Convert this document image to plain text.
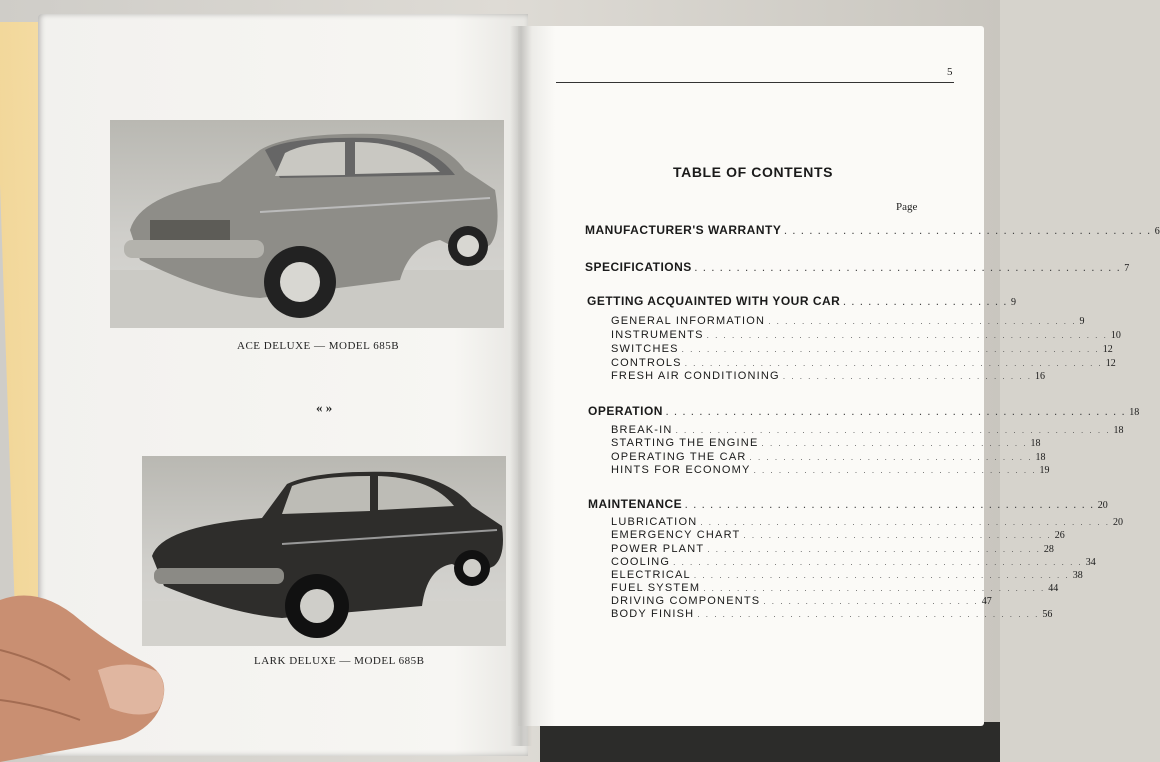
ACE DELUXE — MODEL 685B
« »
LARK DELUXE — MODEL 685B
5
TABLE OF CONTENTS
Page
MANUFACTURER'S WARRANTY . . . . . . . . . . . . . . . . . . . . . . . . . . . . . . . . . . . . . . . . . . . . 6
SPECIFICATIONS . . . . . . . . . . . . . . . . . . . . . . . . . . . . . . . . . . . . . . . . . . . . . . . . . . . 7
GETTING ACQUAINTED WITH YOUR CAR . . . . . . . . . . . . . . . . . . . . 9
GENERAL INFORMATION . . . . . . . . . . . . . . . . . . . . . . . . . . . . . . . . . . . . . 9
INSTRUMENTS . . . . . . . . . . . . . . . . . . . . . . . . . . . . . . . . . . . . . . . . . . . . . . . . 10
SWITCHES . . . . . . . . . . . . . . . . . . . . . . . . . . . . . . . . . . . . . . . . . . . . . . . . . . 12
CONTROLS . . . . . . . . . . . . . . . . . . . . . . . . . . . . . . . . . . . . . . . . . . . . . . . . . . 12
FRESH AIR CONDITIONING . . . . . . . . . . . . . . . . . . . . . . . . . . . . . . 16
OPERATION . . . . . . . . . . . . . . . . . . . . . . . . . . . . . . . . . . . . . . . . . . . . . . . . . . . . . . . 18
BREAK-IN . . . . . . . . . . . . . . . . . . . . . . . . . . . . . . . . . . . . . . . . . . . . . . . . . . . . 18
STARTING THE ENGINE . . . . . . . . . . . . . . . . . . . . . . . . . . . . . . . . 18
OPERATING THE CAR . . . . . . . . . . . . . . . . . . . . . . . . . . . . . . . . . . 18
HINTS FOR ECONOMY . . . . . . . . . . . . . . . . . . . . . . . . . . . . . . . . . . 19
MAINTENANCE . . . . . . . . . . . . . . . . . . . . . . . . . . . . . . . . . . . . . . . . . . . . . . . . . 20
LUBRICATION . . . . . . . . . . . . . . . . . . . . . . . . . . . . . . . . . . . . . . . . . . . . . . . . . 20
EMERGENCY CHART . . . . . . . . . . . . . . . . . . . . . . . . . . . . . . . . . . . . . 26
POWER PLANT . . . . . . . . . . . . . . . . . . . . . . . . . . . . . . . . . . . . . . . . 28
COOLING . . . . . . . . . . . . . . . . . . . . . . . . . . . . . . . . . . . . . . . . . . . . . . . . . 34
ELECTRICAL . . . . . . . . . . . . . . . . . . . . . . . . . . . . . . . . . . . . . . . . . . . . . 38
FUEL SYSTEM . . . . . . . . . . . . . . . . . . . . . . . . . . . . . . . . . . . . . . . . . 44
DRIVING COMPONENTS . . . . . . . . . . . . . . . . . . . . . . . . . . 47
BODY FINISH . . . . . . . . . . . . . . . . . . . . . . . . . . . . . . . . . . . . . . . . . 56
